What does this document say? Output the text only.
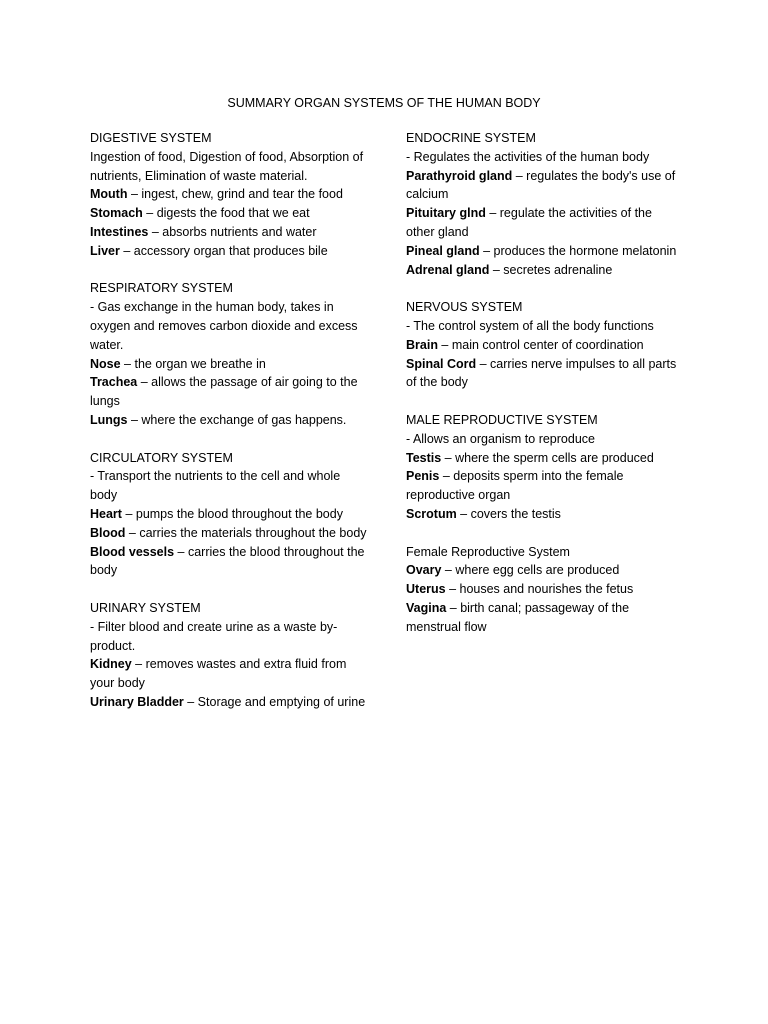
SUMMARY ORGAN SYSTEMS OF THE HUMAN BODY
DIGESTIVE SYSTEM
Ingestion of food, Digestion of food, Absorption of nutrients, Elimination of waste material.
Mouth – ingest, chew, grind and tear the food
Stomach – digests the food that we eat
Intestines – absorbs nutrients and water
Liver – accessory organ that produces bile
RESPIRATORY SYSTEM
- Gas exchange in the human body, takes in oxygen and removes carbon dioxide and excess water.
Nose – the organ we breathe in
Trachea – allows the passage of air going to the lungs
Lungs – where the exchange of gas happens.
CIRCULATORY SYSTEM
- Transport the nutrients to the cell and whole body
Heart – pumps the blood throughout the body
Blood – carries the materials throughout the body
Blood vessels – carries the blood throughout the body
URINARY SYSTEM
- Filter blood and create urine as a waste by-product.
Kidney – removes wastes and extra fluid from your body
Urinary Bladder – Storage and emptying of urine
ENDOCRINE SYSTEM
- Regulates the activities of the human body
Parathyroid gland – regulates the body's use of calcium
Pituitary glnd – regulate the activities of the other gland
Pineal gland – produces the hormone melatonin
Adrenal gland – secretes adrenaline
NERVOUS SYSTEM
- The control system of all the body functions
Brain – main control center of coordination
Spinal Cord – carries nerve impulses to all parts of the body
MALE REPRODUCTIVE SYSTEM
- Allows an organism to reproduce
Testis – where the sperm cells are produced
Penis – deposits sperm into the female reproductive organ
Scrotum – covers the testis
Female Reproductive System
Ovary – where egg cells are produced
Uterus – houses and nourishes the fetus
Vagina – birth canal; passageway of the menstrual flow
